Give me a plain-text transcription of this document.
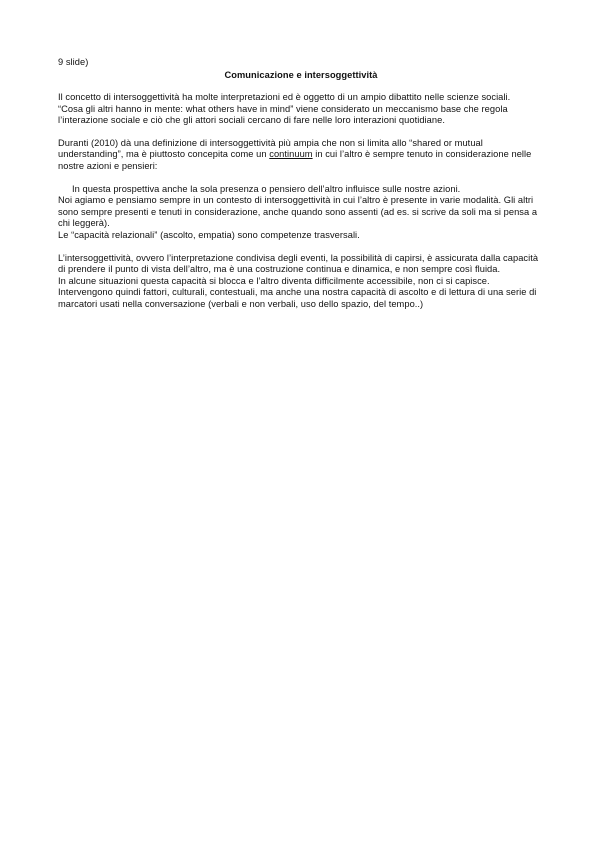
9 slide)

Comunicazione e intersoggettività

Il concetto di intersoggettività ha molte interpretazioni ed è oggetto di un ampio dibattito nelle scienze sociali.

“Cosa gli altri hanno in mente: what others have in mind” viene considerato un meccanismo base che regola l’interazione sociale e ciò che gli attori sociali cercano di fare nelle loro interazioni quotidiane.

Duranti (2010) dà una definizione di intersoggettività più ampia che non si limita allo “shared or mutual understanding”, ma è piuttosto concepita come un continuum in cui l’altro è sempre tenuto in considerazione nelle nostre azioni e pensieri:

In questa prospettiva anche la sola presenza o pensiero dell’altro influisce sulle nostre azioni.

Noi agiamo e pensiamo sempre in un contesto di intersoggettività in cui l’altro è presente in varie modalità. Gli altri sono sempre presenti e tenuti in considerazione, anche quando sono assenti (ad es. si scrive da soli ma si pensa a chi leggerà).

Le “capacità relazionali” (ascolto, empatia) sono competenze trasversali.

L’intersoggettività, ovvero l’interpretazione condivisa degli eventi, la possibilità di capirsi, è assicurata dalla capacità di prendere il punto di vista dell’altro, ma è una costruzione continua e dinamica, e non sempre così fluida.

In alcune situazioni questa capacità si blocca e l’altro diventa difficilmente accessibile, non ci si capisce.

Intervengono quindi fattori, culturali, contestuali, ma anche una nostra capacità di ascolto e di lettura di una serie di marcatori usati nella conversazione (verbali e non verbali, uso dello spazio, del tempo..)
